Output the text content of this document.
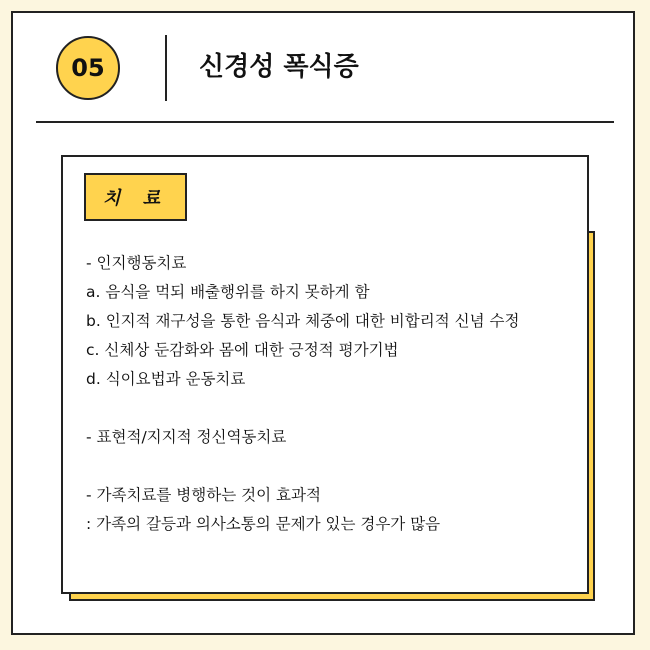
05	신경성 폭식증
치 료
- 인지행동치료
a. 음식을 먹되 배출행위를 하지 못하게 함
b. 인지적 재구성을 통한 음식과 체중에 대한 비합리적 신념 수정
c. 신체상 둔감화와 몸에 대한 긍정적 평가기법
d. 식이요법과 운동치료
- 표현적/지지적 정신역동치료
- 가족치료를 병행하는 것이 효과적
: 가족의 갈등과 의사소통의 문제가 있는 경우가 많음
